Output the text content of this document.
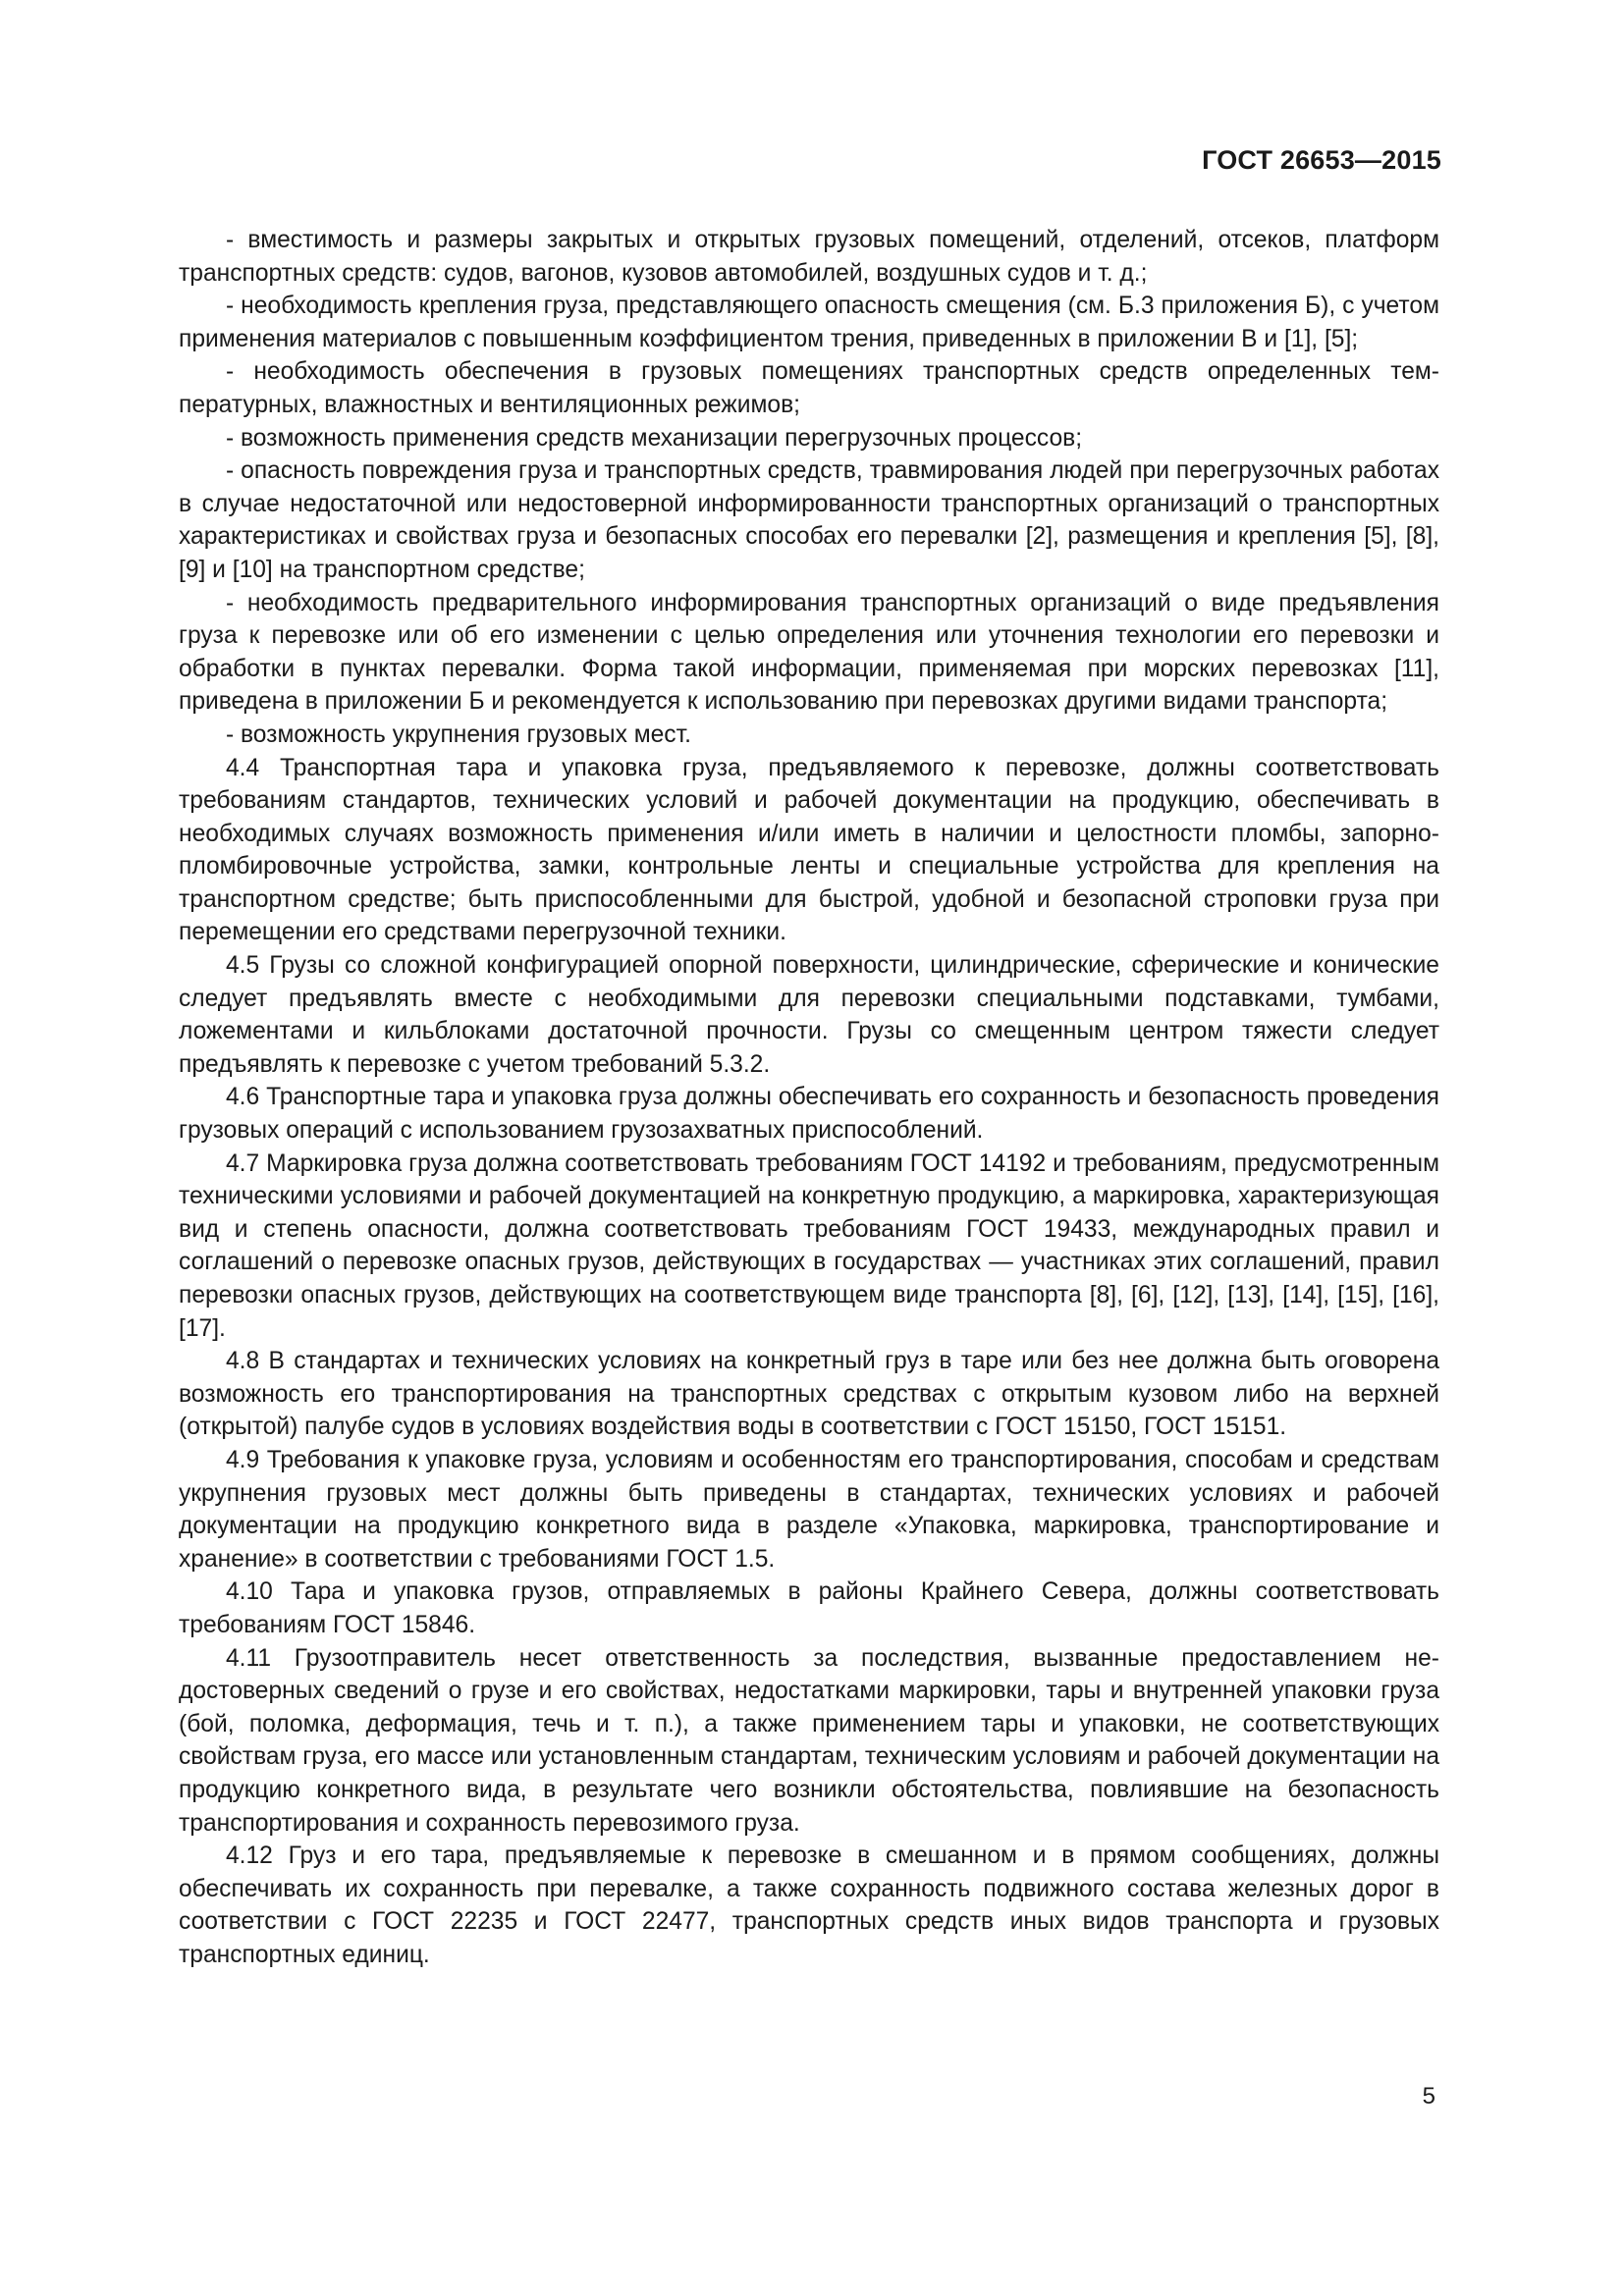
ГОСТ 26653—2015

- вместимость и размеры закрытых и открытых грузовых помещений, отделений, отсеков, платформ транспортных средств: судов, вагонов, кузовов автомобилей, воздушных судов и т. д.;

- необходимость крепления груза, представляющего опасность смещения (см. Б.3 приложения Б), с учетом применения материалов с повышенным коэффициентом трения, приведенных в приложении В и [1], [5];

- необходимость обеспечения в грузовых помещениях транспортных средств определенных температурных, влажностных и вентиляционных режимов;

- возможность применения средств механизации перегрузочных процессов;

- опасность повреждения груза и транспортных средств, травмирования людей при перегрузочных работах в случае недостаточной или недостоверной информированности транспортных организаций о транспортных характеристиках и свойствах груза и безопасных способах его перевалки [2], размещения и крепления [5], [8], [9] и [10] на транспортном средстве;

- необходимость предварительного информирования транспортных организаций о виде предъявления груза к перевозке или об его изменении с целью определения или уточнения технологии его перевозки и обработки в пунктах перевалки. Форма такой информации, применяемая при морских перевозках [11], приведена в приложении Б и рекомендуется к использованию при перевозках другими видами транспорта;

- возможность укрупнения грузовых мест.

4.4 Транспортная тара и упаковка груза, предъявляемого к перевозке, должны соответствовать требованиям стандартов, технических условий и рабочей документации на продукцию, обеспечивать в необходимых случаях возможность применения и/или иметь в наличии и целостности пломбы, запорно-пломбировочные устройства, замки, контрольные ленты и специальные устройства для крепления на транспортном средстве; быть приспособленными для быстрой, удобной и безопасной строповки груза при перемещении его средствами перегрузочной техники.

4.5 Грузы со сложной конфигурацией опорной поверхности, цилиндрические, сферические и конические следует предъявлять вместе с необходимыми для перевозки специальными подставками, тумбами, ложементами и кильблоками достаточной прочности. Грузы со смещенным центром тяжести следует предъявлять к перевозке с учетом требований 5.3.2.

4.6 Транспортные тара и упаковка груза должны обеспечивать его сохранность и безопасность проведения грузовых операций с использованием грузозахватных приспособлений.

4.7 Маркировка груза должна соответствовать требованиям ГОСТ 14192 и требованиям, предусмотренным техническими условиями и рабочей документацией на конкретную продукцию, а маркировка, характеризующая вид и степень опасности, должна соответствовать требованиям ГОСТ 19433, международных правил и соглашений о перевозке опасных грузов, действующих в государствах — участниках этих соглашений, правил перевозки опасных грузов, действующих на соответствующем виде транспорта [8], [6], [12], [13], [14], [15], [16], [17].

4.8 В стандартах и технических условиях на конкретный груз в таре или без нее должна быть оговорена возможность его транспортирования на транспортных средствах с открытым кузовом либо на верхней (открытой) палубе судов в условиях воздействия воды в соответствии с ГОСТ 15150, ГОСТ 15151.

4.9 Требования к упаковке груза, условиям и особенностям его транспортирования, способам и средствам укрупнения грузовых мест должны быть приведены в стандартах, технических условиях и рабочей документации на продукцию конкретного вида в разделе «Упаковка, маркировка, транспортирование и хранение» в соответствии с требованиями ГОСТ 1.5.

4.10 Тара и упаковка грузов, отправляемых в районы Крайнего Севера, должны соответствовать требованиям ГОСТ 15846.

4.11 Грузоотправитель несет ответственность за последствия, вызванные предоставлением недостоверных сведений о грузе и его свойствах, недостатками маркировки, тары и внутренней упаковки груза (бой, поломка, деформация, течь и т. п.), а также применением тары и упаковки, не соответствующих свойствам груза, его массе или установленным стандартам, техническим условиям и рабочей документации на продукцию конкретного вида, в результате чего возникли обстоятельства, повлиявшие на безопасность транспортирования и сохранность перевозимого груза.

4.12 Груз и его тара, предъявляемые к перевозке в смешанном и в прямом сообщениях, должны обеспечивать их сохранность при перевалке, а также сохранность подвижного состава железных дорог в соответствии с ГОСТ 22235 и ГОСТ 22477, транспортных средств иных видов транспорта и грузовых транспортных единиц.

5
